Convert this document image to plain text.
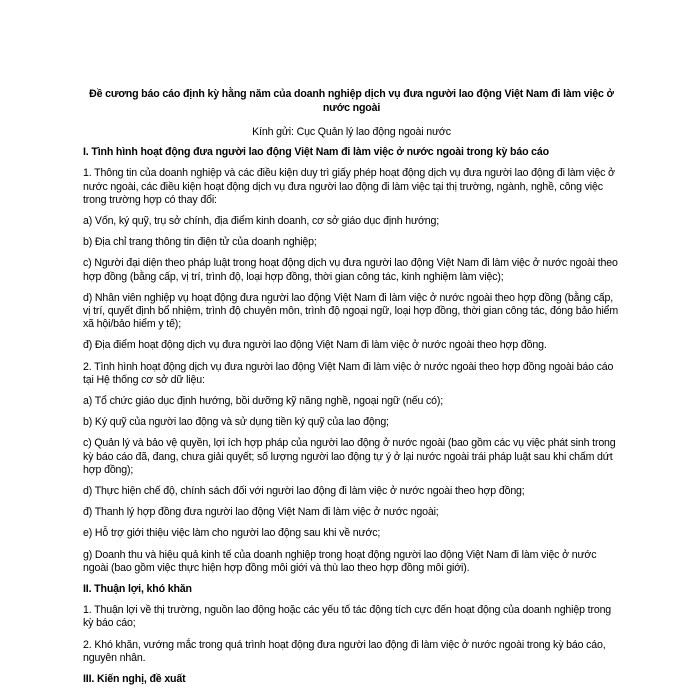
Đề cương báo cáo định kỳ hằng năm của doanh nghiệp dịch vụ đưa người lao động Việt Nam đi làm việc ở nước ngoài
Kính gửi: Cục Quản lý lao động ngoài nước
I. Tình hình hoạt động đưa người lao động Việt Nam đi làm việc ở nước ngoài trong kỳ báo cáo
1. Thông tin của doanh nghiệp và các điều kiện duy trì giấy phép hoạt động dịch vụ đưa người lao động đi làm việc ở nước ngoài, các điều kiện hoạt động dịch vụ đưa người lao động đi làm việc tại thị trường, ngành, nghề, công việc trong trường hợp có thay đổi:
a) Vốn, ký quỹ, trụ sở chính, địa điểm kinh doanh, cơ sở giáo dục định hướng;
b) Địa chỉ trang thông tin điện tử của doanh nghiệp;
c) Người đại diện theo pháp luật trong hoạt động dịch vụ đưa người lao động Việt Nam đi làm việc ở nước ngoài theo hợp đồng (bằng cấp, vị trí, trình độ, loại hợp đồng, thời gian công tác, kinh nghiệm làm việc);
d) Nhân viên nghiệp vụ hoạt động đưa người lao động Việt Nam đi làm việc ở nước ngoài theo hợp đồng (bằng cấp, vị trí, quyết định bổ nhiệm, trình độ chuyên môn, trình độ ngoại ngữ, loại hợp đồng, thời gian công tác, đóng bảo hiểm xã hội/bảo hiểm y tế);
đ) Địa điểm hoạt động dịch vụ đưa người lao động Việt Nam đi làm việc ở nước ngoài theo hợp đồng.
2. Tình hình hoạt động dịch vụ đưa người lao động Việt Nam đi làm việc ở nước ngoài theo hợp đồng ngoài báo cáo tại Hệ thống cơ sở dữ liệu:
a) Tổ chức giáo dục định hướng, bồi dưỡng kỹ năng nghề, ngoại ngữ (nếu có);
b) Ký quỹ của người lao động và sử dụng tiền ký quỹ của lao động;
c) Quản lý và bảo vệ quyền, lợi ích hợp pháp của người lao động ở nước ngoài (bao gồm các vụ việc phát sinh trong kỳ báo cáo đã, đang, chưa giải quyết; số lượng người lao động tự ý ở lại nước ngoài trái pháp luật sau khi chấm dứt hợp đồng);
d) Thực hiện chế độ, chính sách đối với người lao động đi làm việc ở nước ngoài theo hợp đồng;
đ) Thanh lý hợp đồng đưa người lao động Việt Nam đi làm việc ở nước ngoài;
e) Hỗ trợ giới thiệu việc làm cho người lao động sau khi về nước;
g) Doanh thu và hiệu quả kinh tế của doanh nghiệp trong hoạt động người lao động Việt Nam đi làm việc ở nước ngoài (bao gồm việc thực hiện hợp đồng môi giới và thù lao theo hợp đồng môi giới).
II. Thuận lợi, khó khăn
1. Thuận lợi về thị trường, nguồn lao động hoặc các yếu tố tác động tích cực đến hoạt động của doanh nghiệp trong kỳ báo cáo;
2. Khó khăn, vướng mắc trong quá trình hoạt động đưa người lao động đi làm việc ở nước ngoài trong kỳ báo cáo, nguyên nhân.
III. Kiến nghị, đề xuất
